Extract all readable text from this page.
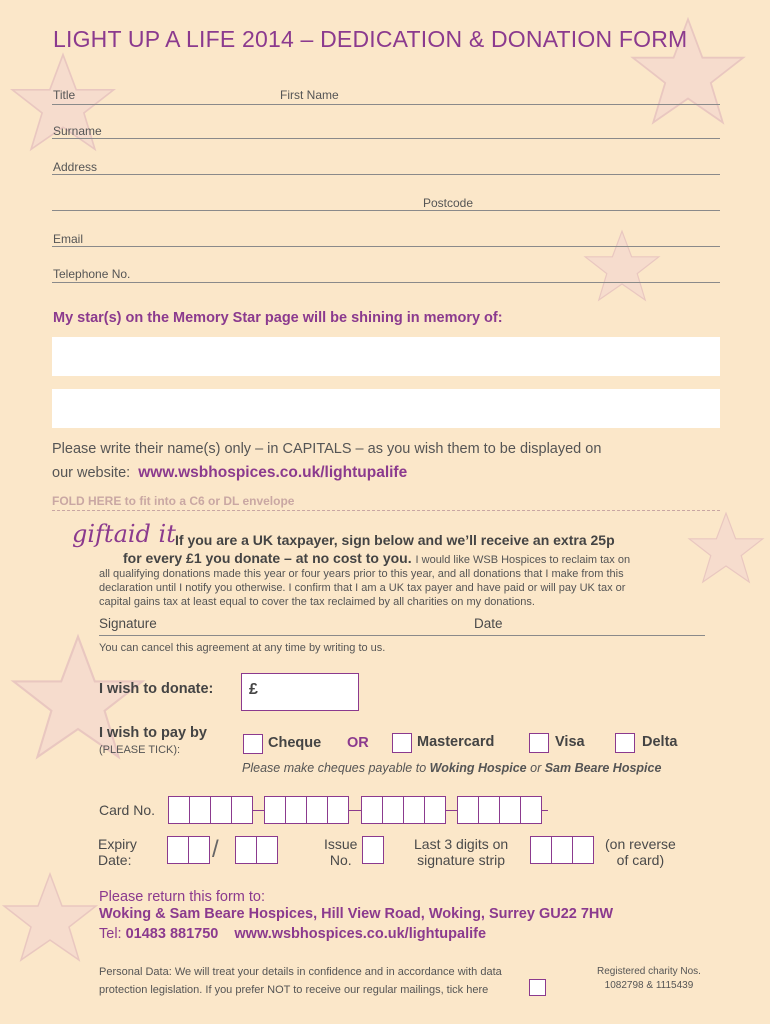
LIGHT UP A LIFE 2014 – DEDICATION & DONATION FORM
Title	First Name
Surname
Address
Postcode
Email
Telephone No.
My star(s) on the Memory Star page will be shining in memory of:
Please write their name(s) only – in CAPITALS – as you wish them to be displayed on
our website: www.wsbhospices.co.uk/lightupalife
FOLD HERE to fit into a C6 or DL envelope
giftaid it If you are a UK taxpayer, sign below and we’ll receive an extra 25p
for every £1 you donate – at no cost to you. I would like WSB Hospices to reclaim tax on
all qualifying donations made this year or four years prior to this year, and all donations that I make from this
declaration until I notify you otherwise. I confirm that I am a UK tax payer and have paid or will pay UK tax or
capital gains tax at least equal to cover the tax reclaimed by all charities on my donations.
Signature	Date
You can cancel this agreement at any time by writing to us.
I wish to donate: £
I wish to pay by
(PLEASE TICK):	Cheque OR	Mastercard	Visa	Delta
Please make cheques payable to Woking Hospice or Sam Beare Hospice
Card No.
Expiry
Date:	/	Issue
No.
Last 3 digits on
signature strip
(on reverse
of card)
Please return this form to:
Woking & Sam Beare Hospices, Hill View Road, Woking, Surrey GU22 7HW
Tel: 01483 881750 www.wsbhospices.co.uk/lightupalife
Personal Data: We will treat your details in confidence and in accordance with data
protection legislation. If you prefer NOT to receive our regular mailings, tick here
Registered charity Nos.
1082798 & 1115439
